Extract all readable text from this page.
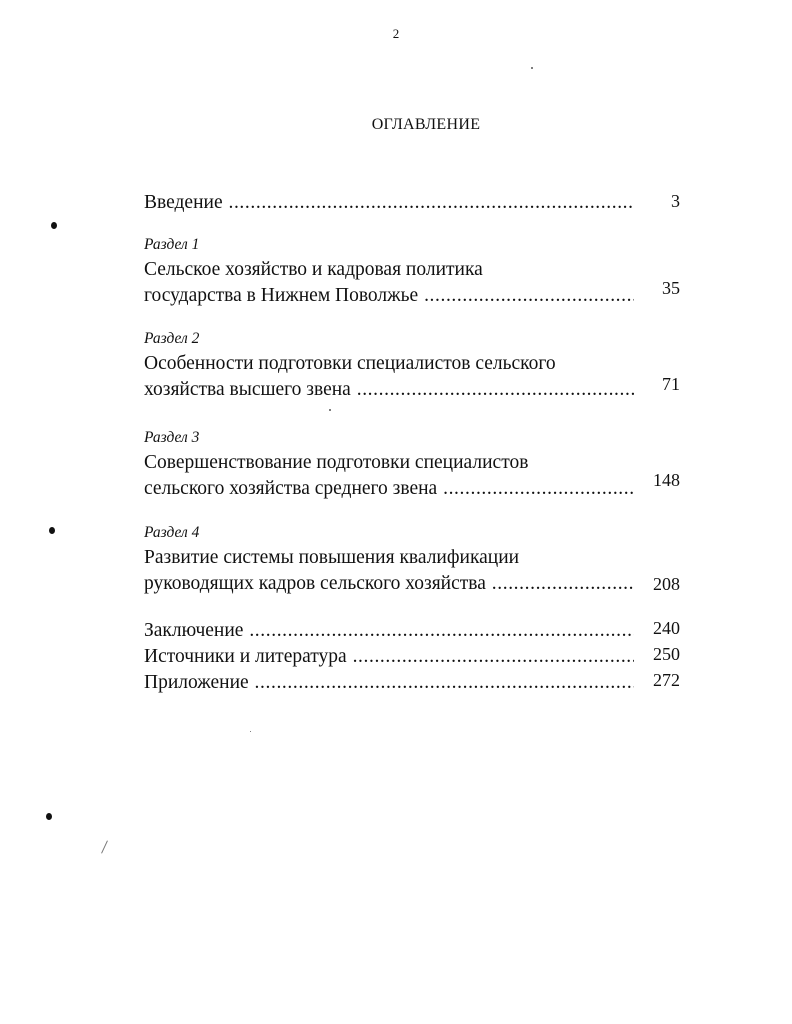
2
ОГЛАВЛЕНИЕ
Введение .....	3
Раздел 1
Сельское хозяйство и кадровая политика
государства в Нижнем Поволжье .....	35
Раздел 2
Особенности подготовки специалистов сельского
хозяйства высшего звена .....	71
Раздел 3
Совершенствование подготовки специалистов
сельского хозяйства среднего звена .....	148
Раздел 4
Развитие системы повышения квалификации
руководящих кадров сельского хозяйства .....	208
Заключение .....	240
Источники и литература .....	250
Приложение .....	272
